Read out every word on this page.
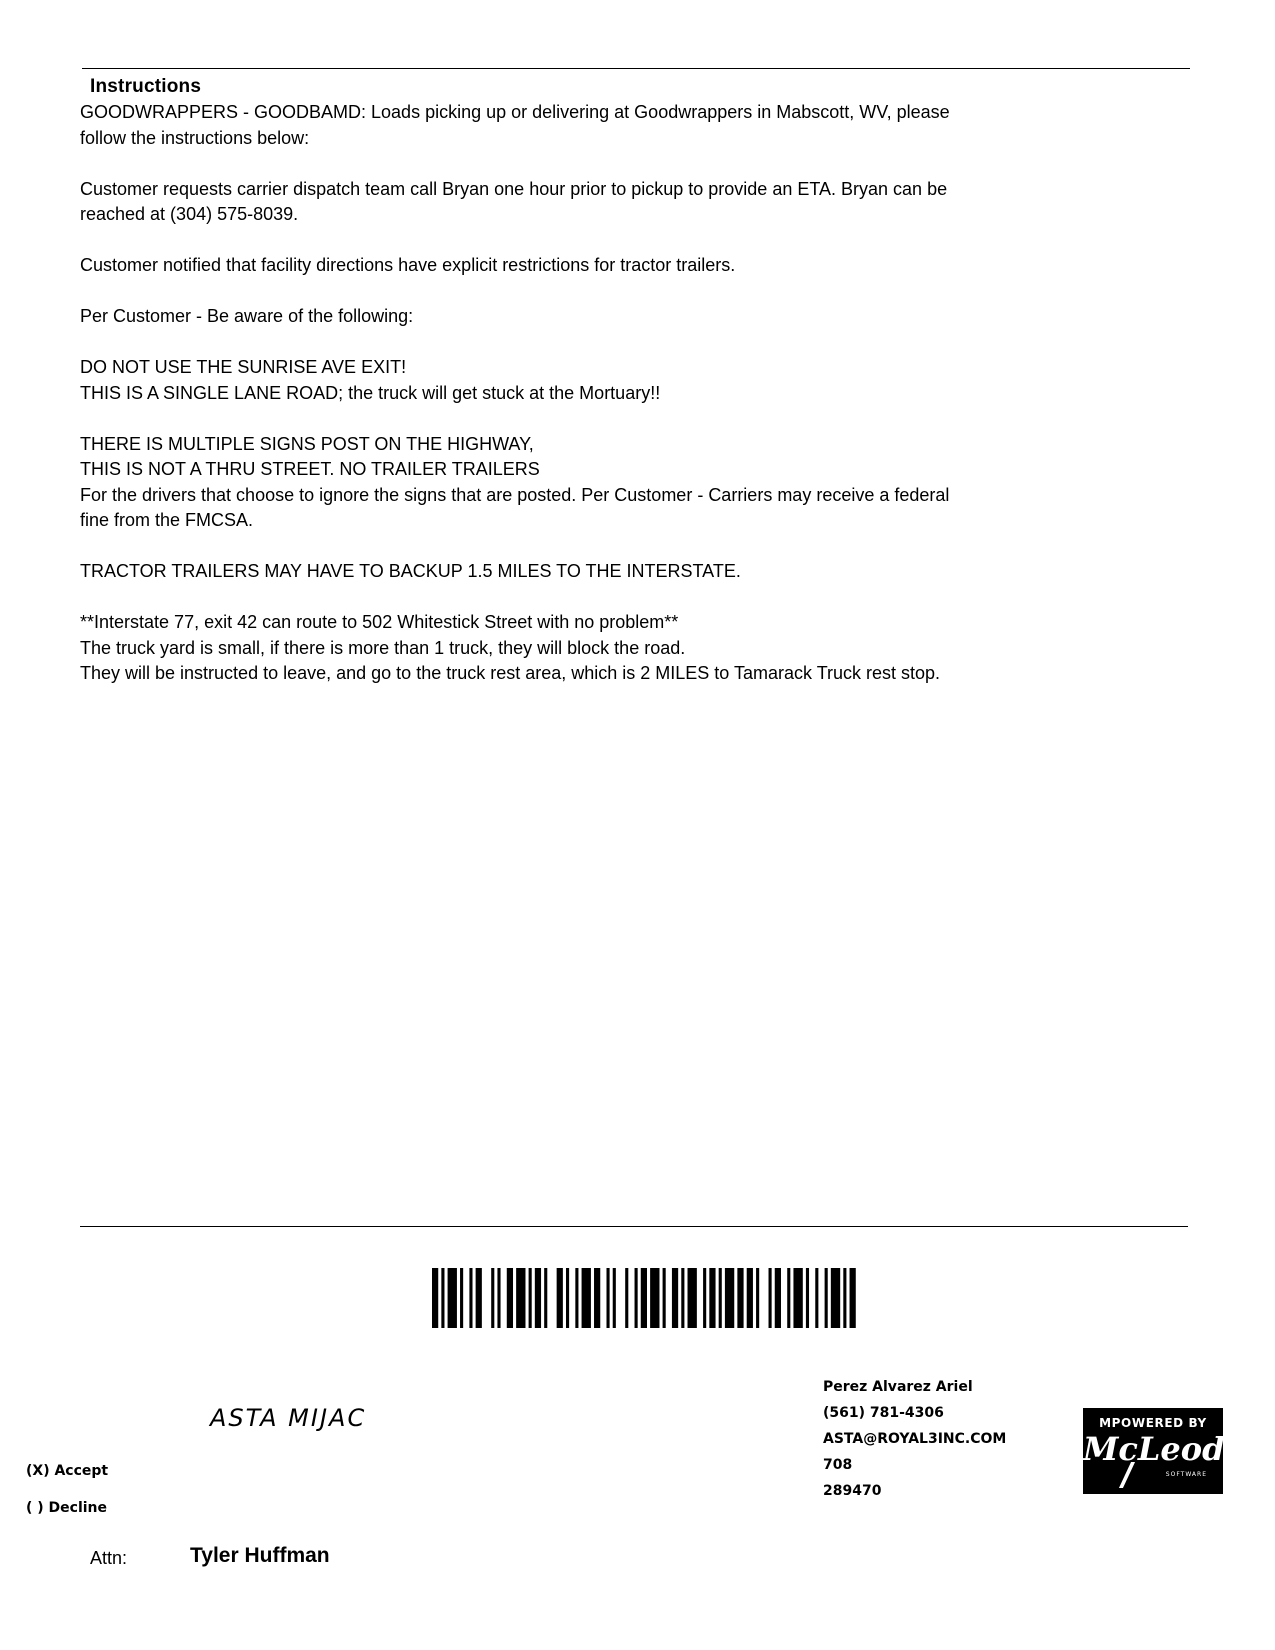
Instructions

GOODWRAPPERS - GOODBAMD: Loads picking up or delivering at Goodwrappers in Mabscott, WV, please
follow the instructions below:

Customer requests carrier dispatch team call Bryan one hour prior to pickup to provide an ETA. Bryan can be
reached at (304) 575-8039.

Customer notified that facility directions have explicit restrictions for tractor trailers.

Per Customer - Be aware of the following:

DO NOT USE THE SUNRISE AVE EXIT!
THIS IS A SINGLE LANE ROAD; the truck will get stuck at the Mortuary!!

THERE IS MULTIPLE SIGNS POST ON THE HIGHWAY,
THIS IS NOT A THRU STREET. NO TRAILER TRAILERS
For the drivers that choose to ignore the signs that are posted. Per Customer - Carriers may receive a federal
fine from the FMCSA.

TRACTOR TRAILERS MAY HAVE TO BACKUP 1.5 MILES TO THE INTERSTATE.

**Interstate 77, exit 42 can route to 502 Whitestick Street with no problem**
The truck yard is small, if there is more than 1 truck, they will block the road.
They will be instructed to leave, and go to the truck rest area, which is 2 MILES to Tamarack Truck rest stop.

ASTA MIJAC
(X) Accept
( ) Decline
Attn:	Tyler Huffman
Perez Alvarez Ariel
(561) 781-4306
ASTA@ROYAL3INC.COM
708
289470
MPOWERED BY
McLeod
SOFTWARE
